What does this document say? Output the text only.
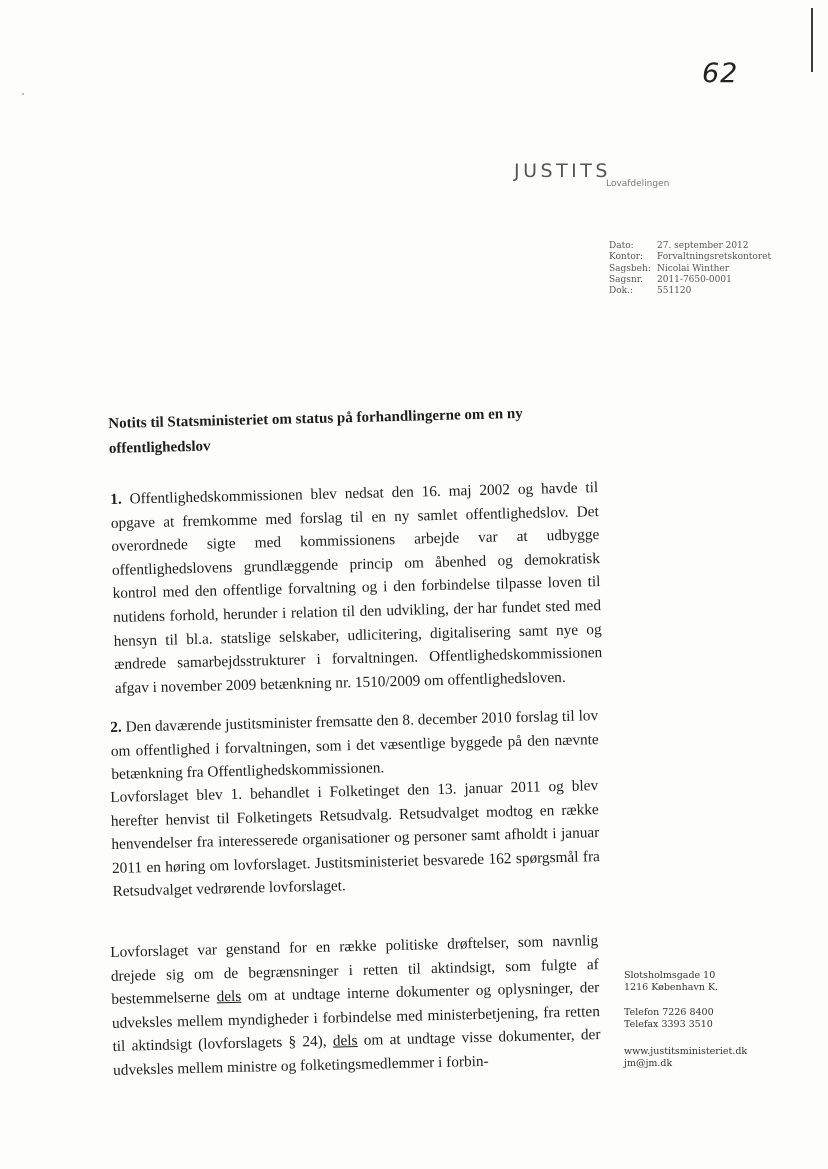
62
JUSTITS
Lovafdelingen
Dato:	27. september 2012
Kontor:	Forvaltningsretskontoret
Sagsbeh:	Nicolai Winther
Sagsnr.	2011-7650-0001
Dok.:	551120
Notits til Statsministeriet om status på forhandlingerne om en ny offentlighedslov

1. Offentlighedskommissionen blev nedsat den 16. maj 2002 og havde til opgave at fremkomme med forslag til en ny samlet offentlighedslov. Det overordnede sigte med kommissionens arbejde var at udbygge offentlighedslovens grundlæggende princip om åbenhed og demokratisk kontrol med den offentlige forvaltning og i den forbindelse tilpasse loven til nutidens forhold, herunder i relation til den udvikling, der har fundet sted med hensyn til bl.a. statslige selskaber, udlicitering, digitalisering samt nye og ændrede samarbejdsstrukturer i forvaltningen. Offentlighedskommissionen afgav i november 2009 betænkning nr. 1510/2009 om offentlighedsloven.

2. Den daværende justitsminister fremsatte den 8. december 2010 forslag til lov om offentlighed i forvaltningen, som i det væsentlige byggede på den nævnte betænkning fra Offentlighedskommissionen.

Lovforslaget blev 1. behandlet i Folketinget den 13. januar 2011 og blev herefter henvist til Folketingets Retsudvalg. Retsudvalget modtog en række henvendelser fra interesserede organisationer og personer samt afholdt i januar 2011 en høring om lovforslaget. Justitsministeriet besvarede 162 spørgsmål fra Retsudvalget vedrørende lovforslaget.

Lovforslaget var genstand for en række politiske drøftelser, som navnlig drejede sig om de begrænsninger i retten til aktindsigt, som fulgte af bestemmelserne dels om at undtage interne dokumenter og oplysninger, der udveksles mellem myndigheder i forbindelse med ministerbetjening, fra retten til aktindsigt (lovforslagets § 24), dels om at undtage visse dokumenter, der udveksles mellem ministre og folketingsmedlemmer i forbin-

Slotsholmsgade 10
1216 København K.
Telefon 7226 8400
Telefax 3393 3510
www.justitsministeriet.dk
jm@jm.dk
